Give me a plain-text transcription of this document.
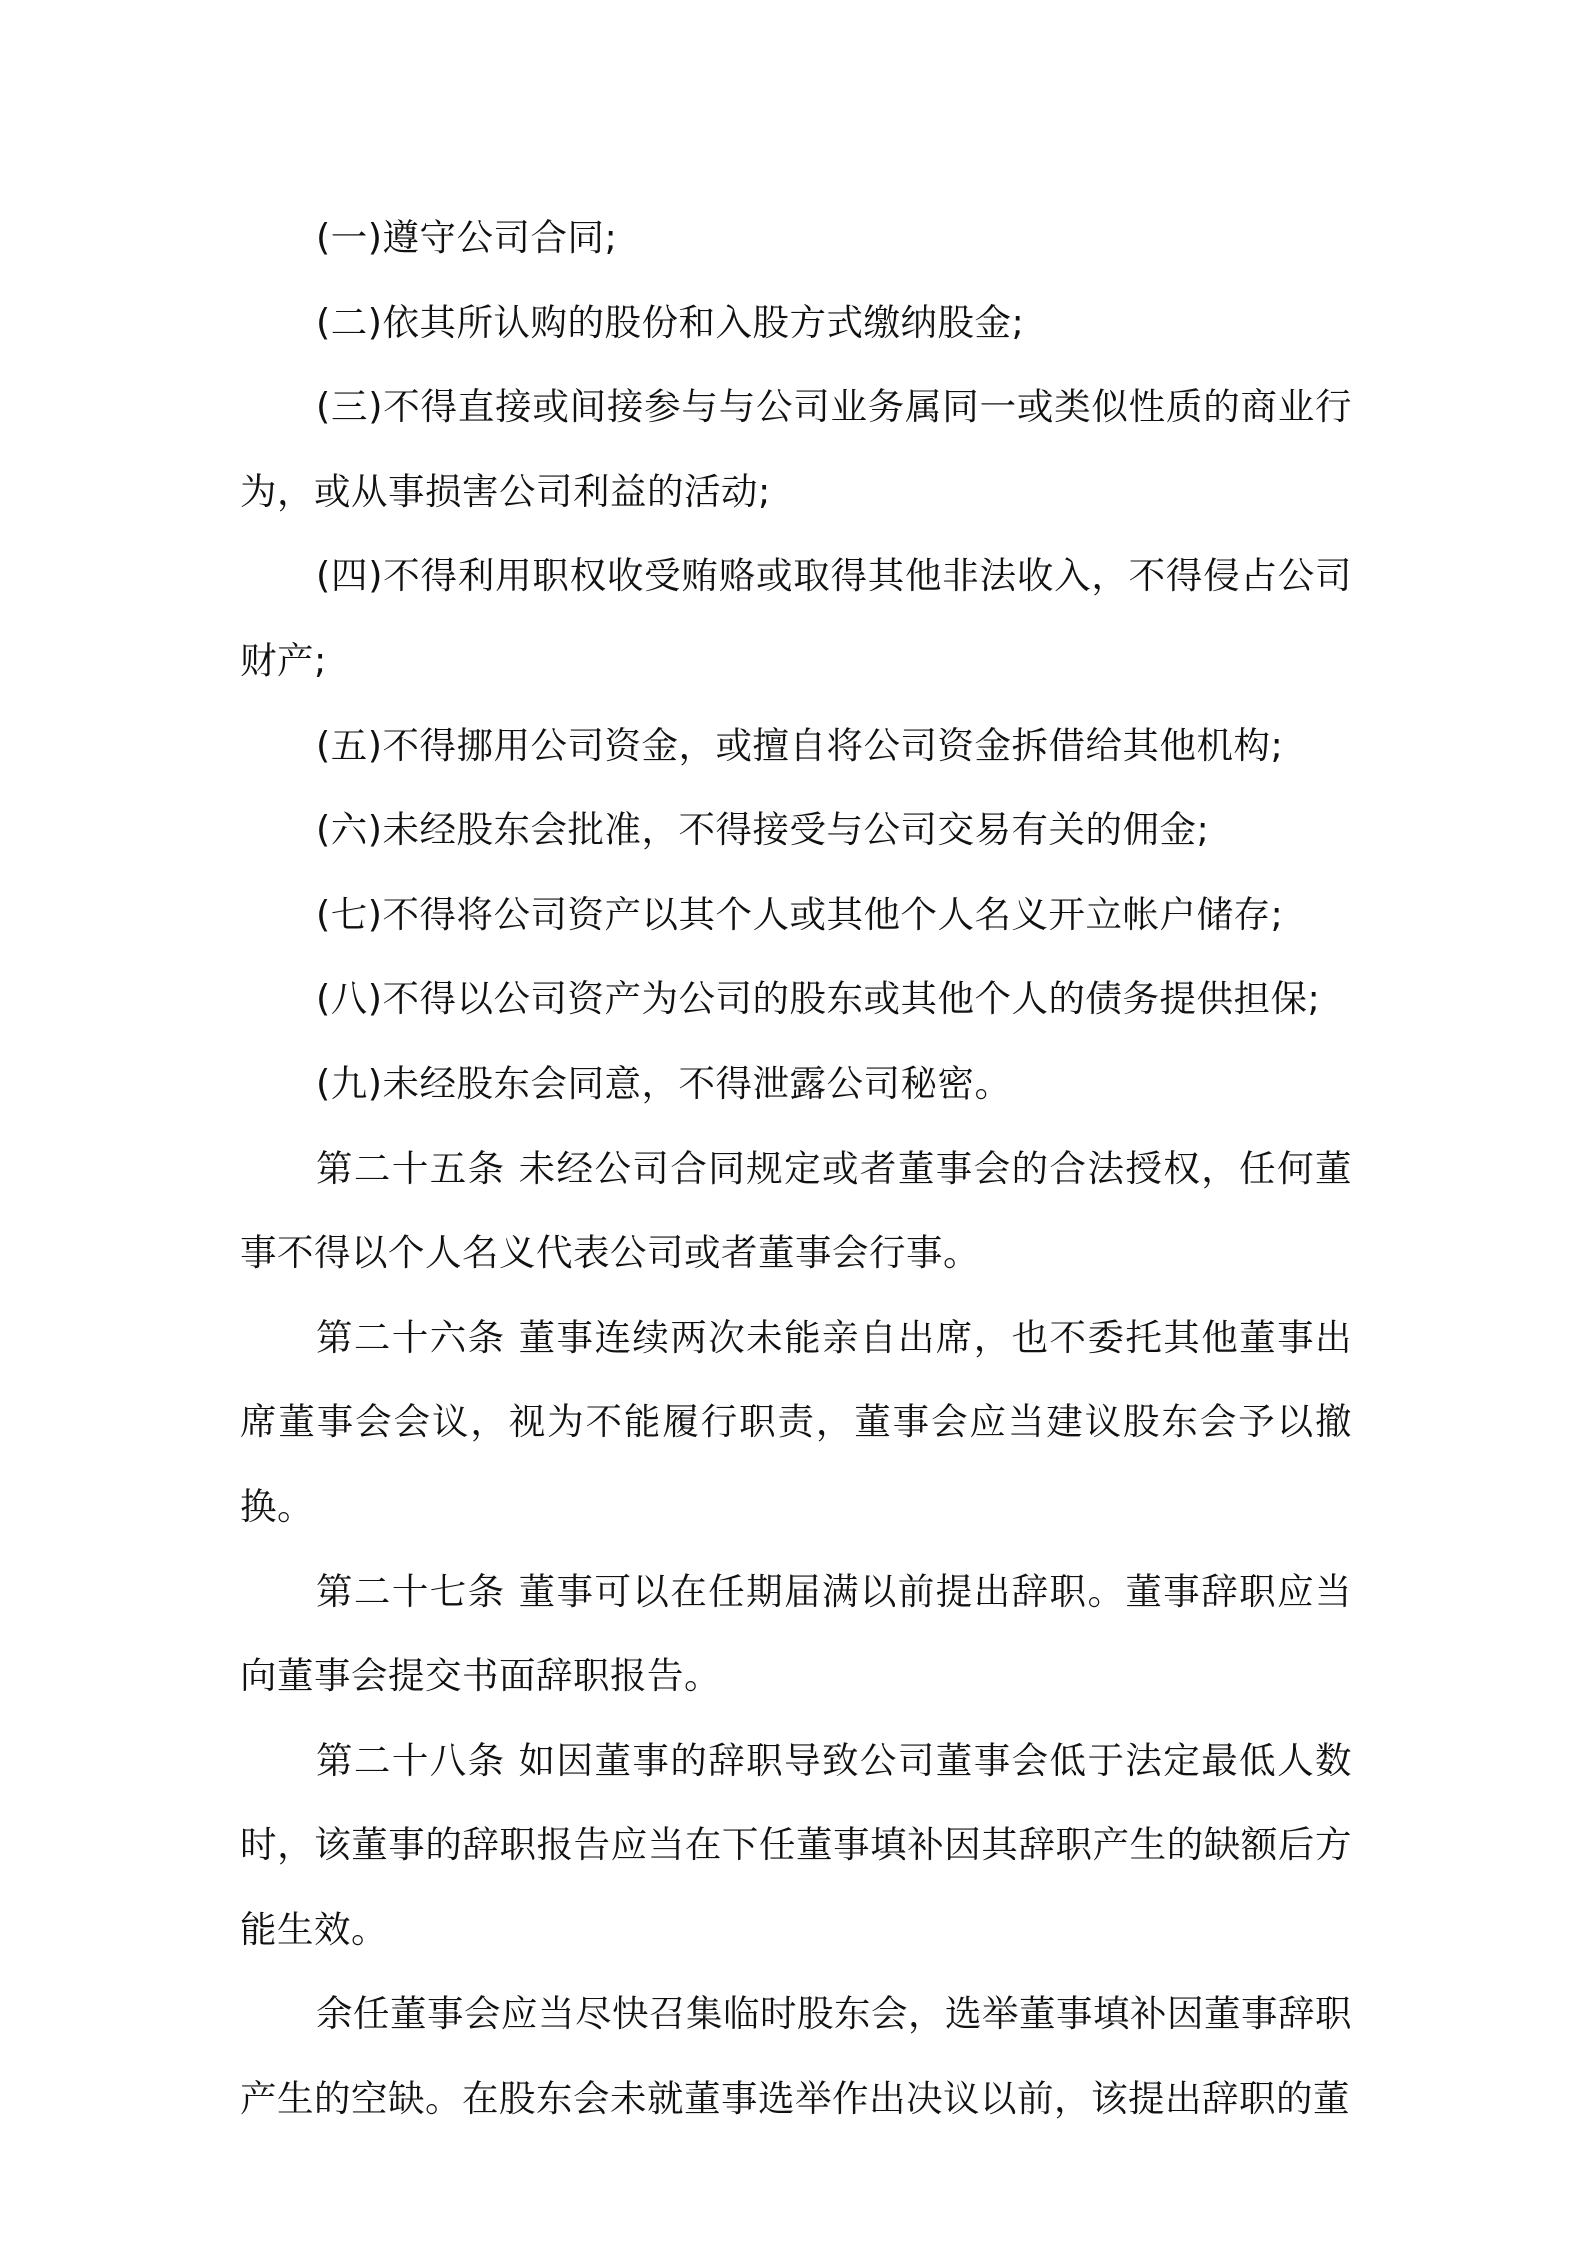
(一)遵守公司合同;

(二)依其所认购的股份和入股方式缴纳股金;

(三)不得直接或间接参与与公司业务属同一或类似性质的商业行为，或从事损害公司利益的活动;

(四)不得利用职权收受贿赂或取得其他非法收入，不得侵占公司财产;

(五)不得挪用公司资金，或擅自将公司资金拆借给其他机构;

(六)未经股东会批准，不得接受与公司交易有关的佣金;

(七)不得将公司资产以其个人或其他个人名义开立帐户储存;

(八)不得以公司资产为公司的股东或其他个人的债务提供担保;

(九)未经股东会同意，不得泄露公司秘密。

第二十五条 未经公司合同规定或者董事会的合法授权，任何董事不得以个人名义代表公司或者董事会行事。

第二十六条 董事连续两次未能亲自出席，也不委托其他董事出席董事会会议，视为不能履行职责，董事会应当建议股东会予以撤换。

第二十七条 董事可以在任期届满以前提出辞职。董事辞职应当向董事会提交书面辞职报告。

第二十八条 如因董事的辞职导致公司董事会低于法定最低人数时，该董事的辞职报告应当在下任董事填补因其辞职产生的缺额后方能生效。

余任董事会应当尽快召集临时股东会，选举董事填补因董事辞职产生的空缺。在股东会未就董事选举作出决议以前，该提出辞职的董
